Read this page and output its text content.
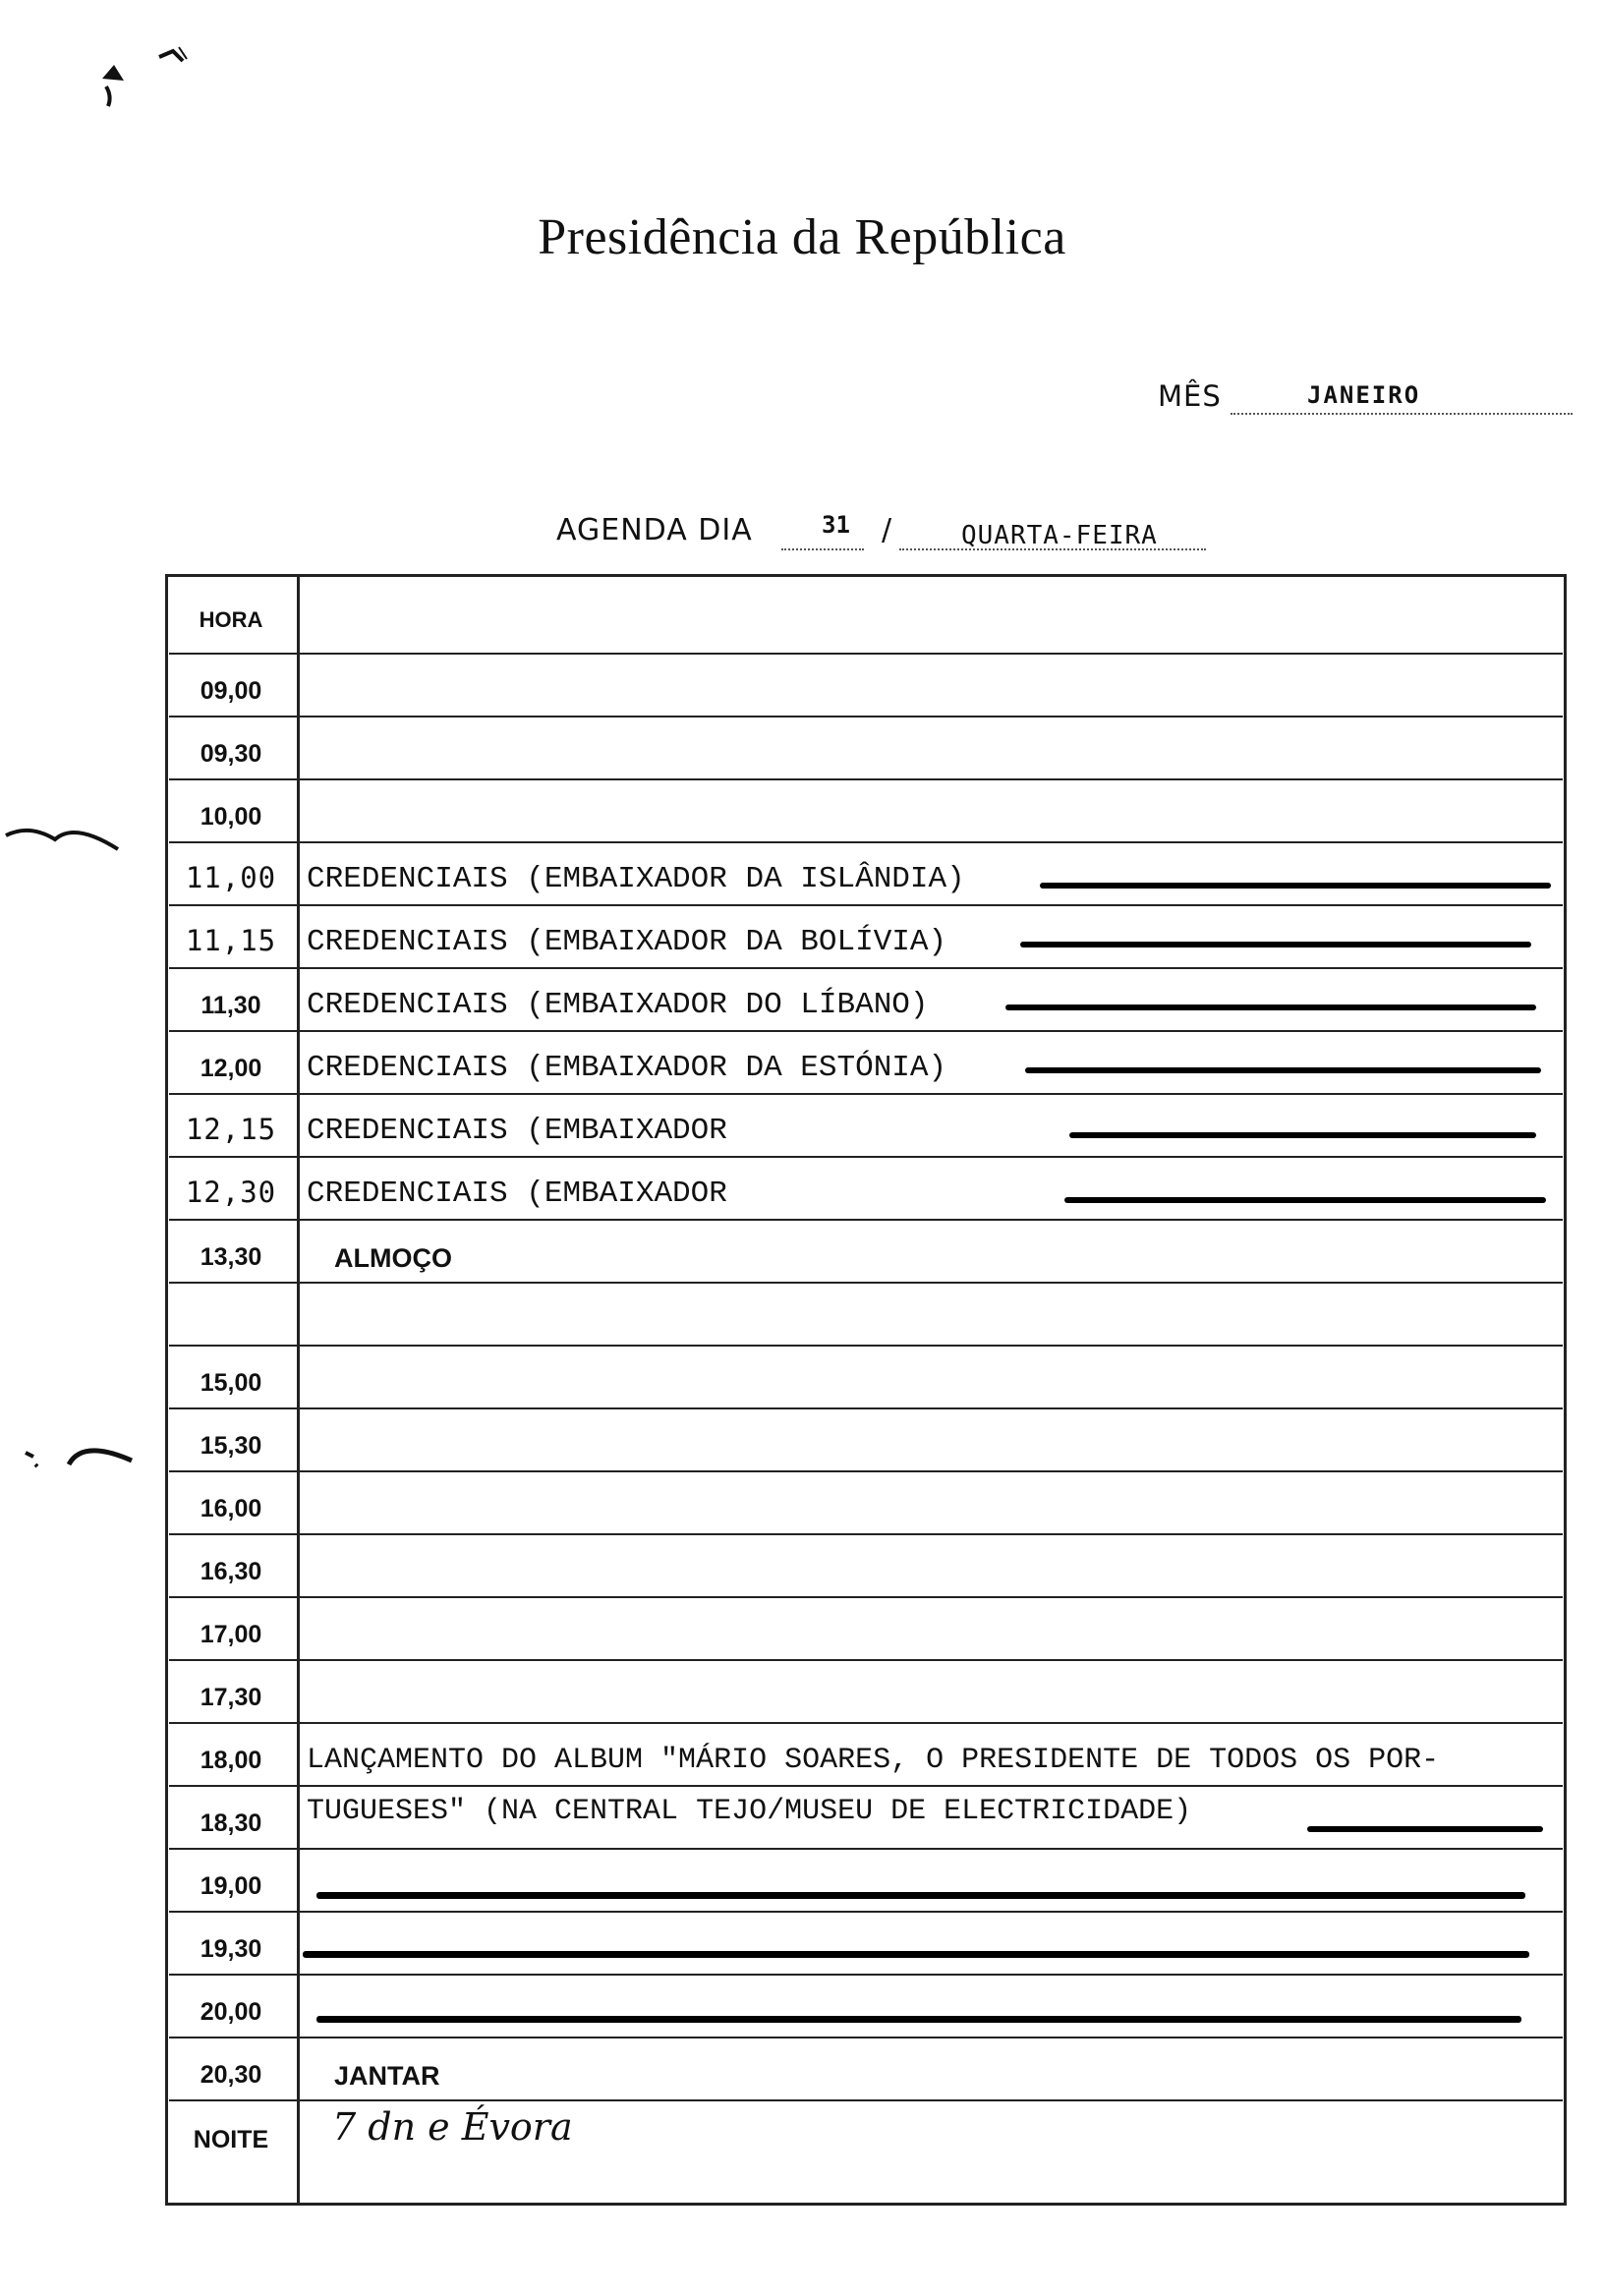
Presidência da República
MÊS	JANEIRO
AGENDA DIA	31 /	QUARTA-FEIRA
HORA
09,00
09,30
10,00
11,00 CREDENCIAIS (EMBAIXADOR DA ISLÂNDIA)
11,15 CREDENCIAIS (EMBAIXADOR DA BOLÍVIA)
11,30	CREDENCIAIS (EMBAIXADOR DO LÍBANO)
12,00	CREDENCIAIS (EMBAIXADOR DA ESTÓNIA)
12,15 CREDENCIAIS (EMBAIXADOR
12,30 CREDENCIAIS (EMBAIXADOR
13,30	ALMOÇO
15,00
15,30
16,00
16,30
17,00
17,30
18,00	LANÇAMENTO DO ALBUM "MÁRIO SOARES, O PRESIDENTE DE TODOS OS POR-
18,30	TUGUESES" (NA CENTRAL TEJO/MUSEU DE ELECTRICIDADE)
19,00
19,30
20,00
20,30	JANTAR
NOITE	7 dn e Évora
